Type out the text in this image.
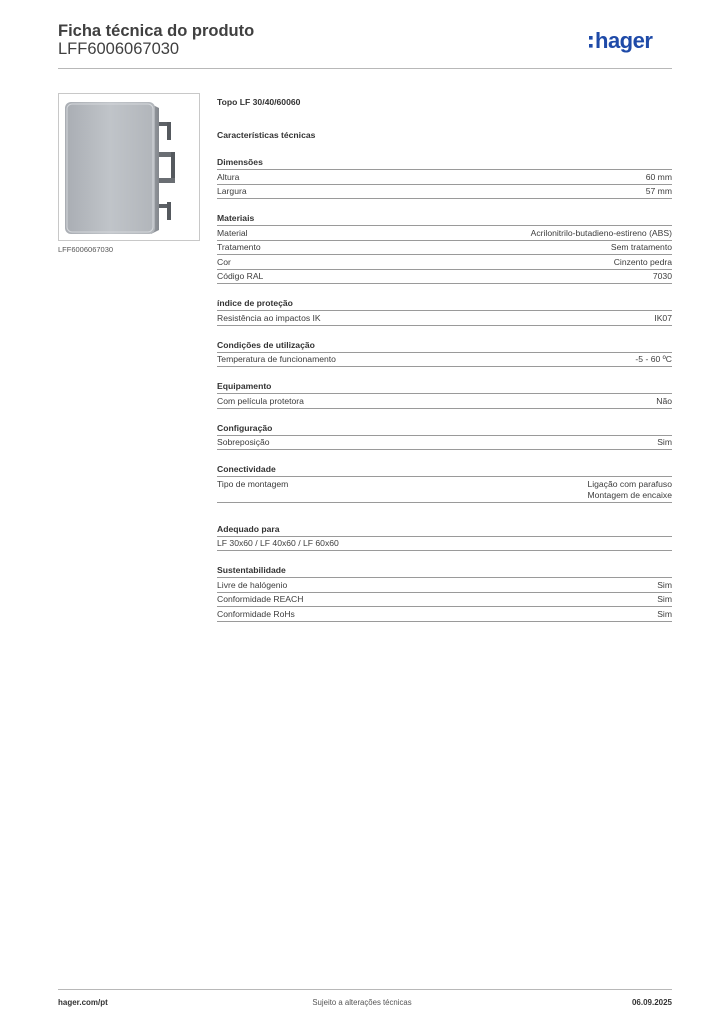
Ficha técnica do produto
LFF6006067030	hager
LFF6006067030
Topo LF 30/40/60060
Características técnicas
Dimensões
Altura	60 mm
Largura	57 mm
Materiais
Material	Acrilonitrilo-butadieno-estireno (ABS)
Tratamento	Sem tratamento
Cor	Cinzento pedra
Código RAL	7030
índice de proteção
Resistência ao impactos IK	IK07
Condições de utilização
Temperatura de funcionamento	-5 - 60 ºC
Equipamento
Com película protetora	Não
Configuração
Sobreposição	Sim
Conectividade
Tipo de montagem	Ligação com parafuso
Montagem de encaixe
Adequado para
LF 30x60 / LF 40x60 / LF 60x60
Sustentabilidade
Livre de halógenio	Sim
Conformidade REACH	Sim
Conformidade RoHs	Sim
hager.com/pt	Sujeito a alterações técnicas	06.09.2025
